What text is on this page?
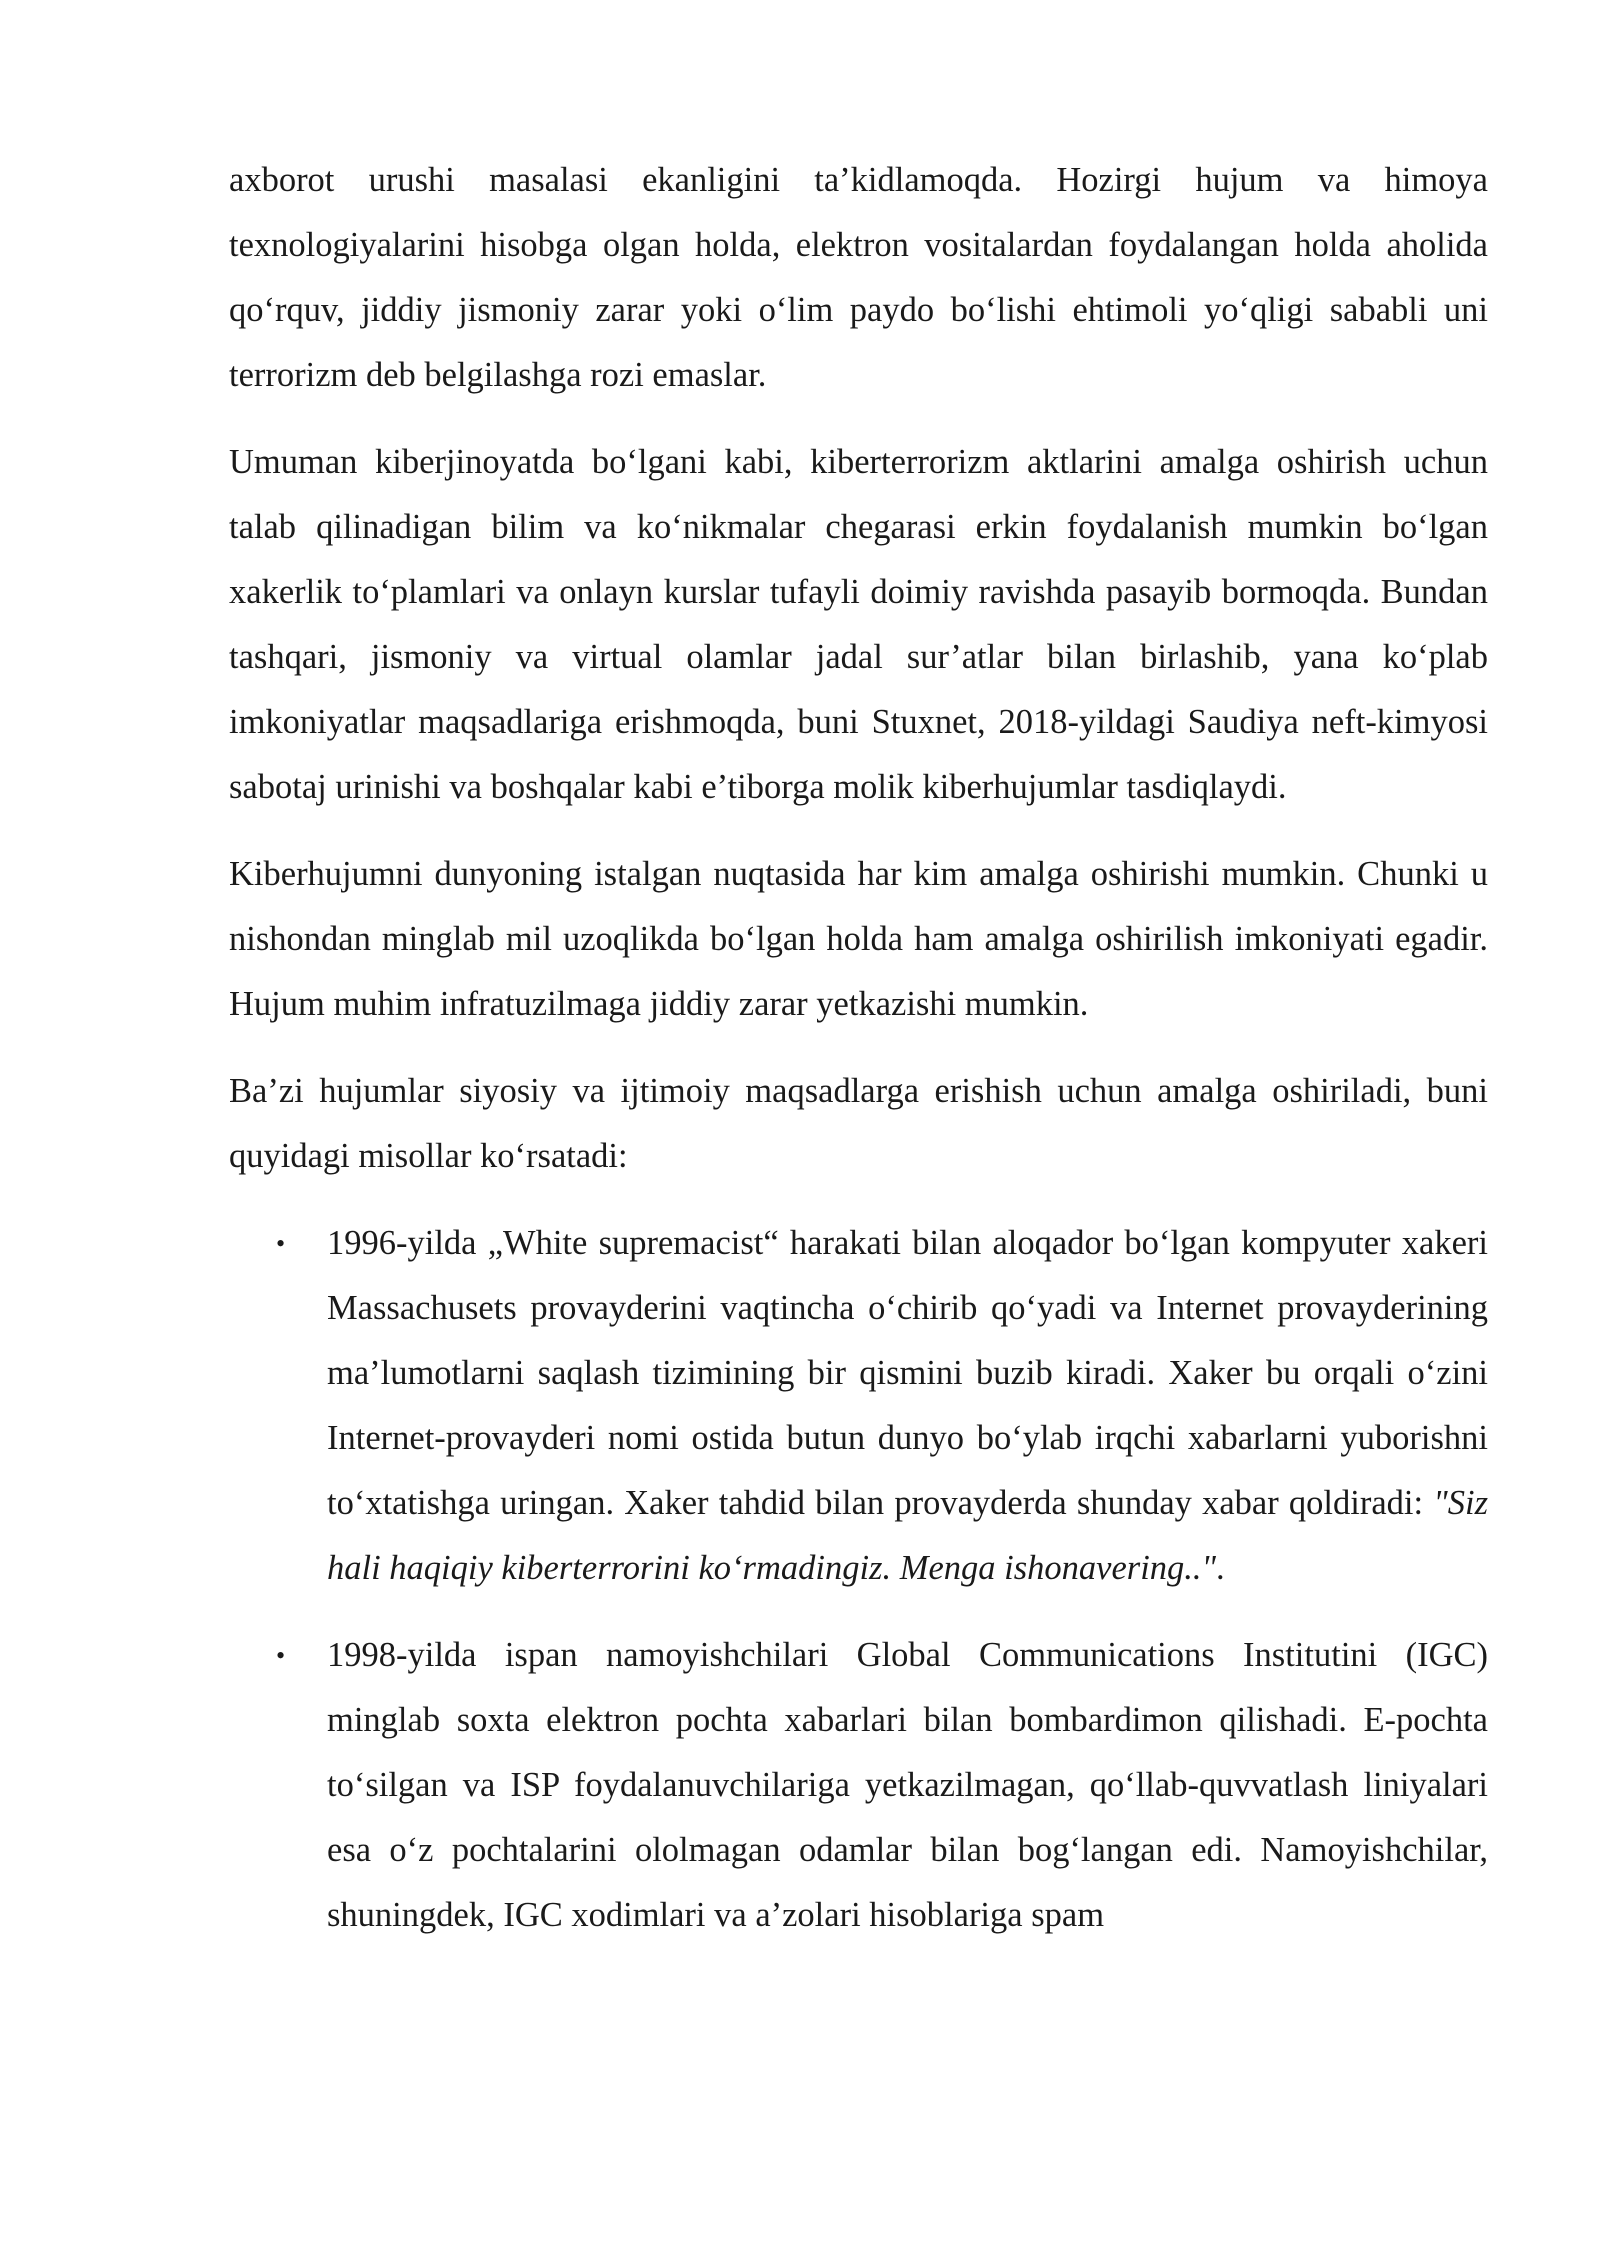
axborot urushi masalasi ekanligini ta’kidlamoqda. Hozirgi hujum va himoya texnologiyalarini hisobga olgan holda, elektron vositalardan foydalangan holda aholida qo‘rquv, jiddiy jismoniy zarar yoki o‘lim paydo bo‘lishi ehtimoli yo‘qligi sababli uni terrorizm deb belgilashga rozi emaslar.

Umuman kiberjinoyatda bo‘lgani kabi, kiberterrorizm aktlarini amalga oshirish uchun talab qilinadigan bilim va ko‘nikmalar chegarasi erkin foydalanish mumkin bo‘lgan xakerlik to‘plamlari va onlayn kurslar tufayli doimiy ravishda pasayib bormoqda. Bundan tashqari, jismoniy va virtual olamlar jadal sur’atlar bilan birlashib, yana ko‘plab imkoniyatlar maqsadlariga erishmoqda, buni Stuxnet, 2018-yildagi Saudiya neft-kimyosi sabotaj urinishi va boshqalar kabi e’tiborga molik kiberhujumlar tasdiqlaydi.

Kiberhujumni dunyoning istalgan nuqtasida har kim amalga oshirishi mumkin. Chunki u nishondan minglab mil uzoqlikda bo‘lgan holda ham amalga oshirilish imkoniyati egadir. Hujum muhim infratuzilmaga jiddiy zarar yetkazishi mumkin.

Ba’zi hujumlar siyosiy va ijtimoiy maqsadlarga erishish uchun amalga oshiriladi, buni quyidagi misollar ko‘rsatadi:

• 1996-yilda „White supremacist“ harakati bilan aloqador bo‘lgan kompyuter xakeri Massachusets provayderini vaqtincha o‘chirib qo‘yadi va Internet provayderining ma’lumotlarni saqlash tizimining bir qismini buzib kiradi. Xaker bu orqali o‘zini Internet-provayderi nomi ostida butun dunyo bo‘ylab irqchi xabarlarni yuborishni to‘xtatishga uringan. Xaker tahdid bilan provayderda shunday xabar qoldiradi: "Siz hali haqiqiy kiberterrorini ko‘rmadingiz. Menga ishonavering..".
• 1998-yilda ispan namoyishchilari Global Communications Institutini (IGC) minglab soxta elektron pochta xabarlari bilan bombardimon qilishadi. E-pochta to‘silgan va ISP foydalanuvchilariga yetkazilmagan, qo‘llab-quvvatlash liniyalari esa o‘z pochtalarini ololmagan odamlar bilan bog‘langan edi. Namoyishchilar, shuningdek, IGC xodimlari va a’zolari hisoblariga spam
